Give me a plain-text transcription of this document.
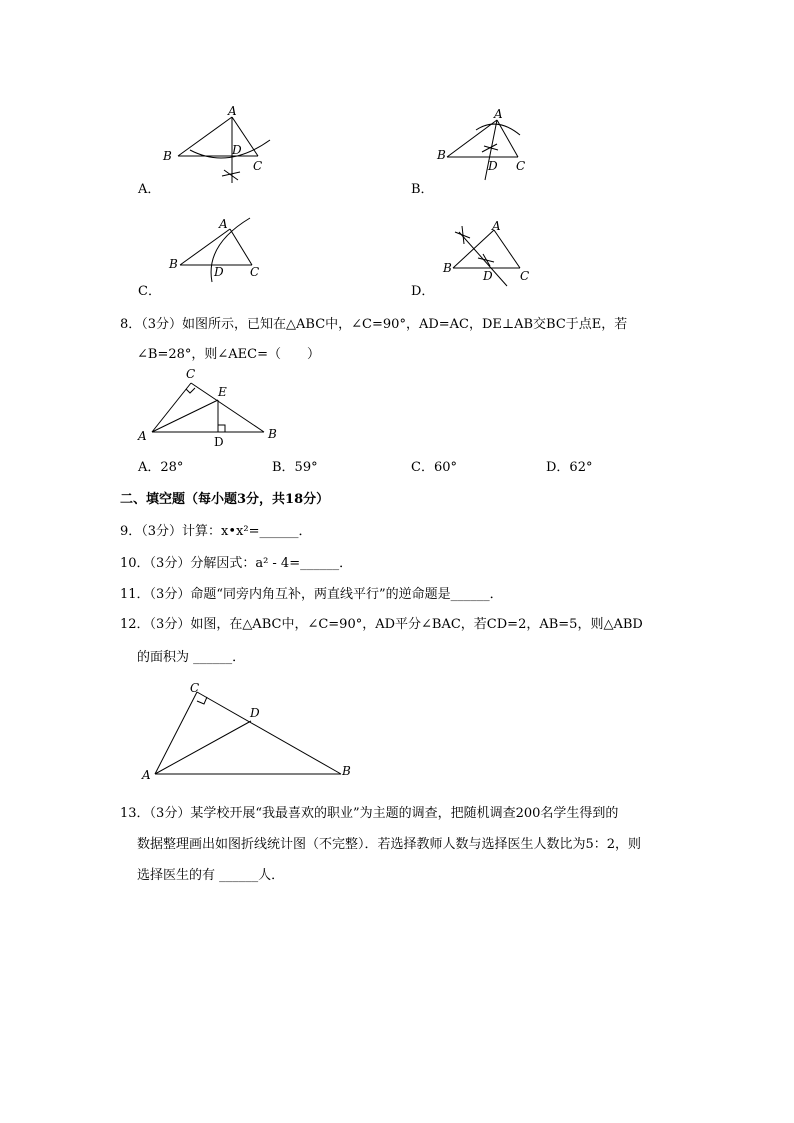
A
B	D
C
A
B
D C
A
B
D C
A
B
D C
C
E
A	D
B
C
D
A	B
A．	B．
C．	D．
8．（3分）如图所示，已知在△ABC中，∠C=90°，AD=AC，DE⊥AB交BC于点E，若
∠B=28°，则∠AEC=（　　）
A．28°	B．59°	C．60°	D．62°
二、填空题（每小题3分，共18分）
9．（3分）计算：x•x²=______．
10．（3分）分解因式：a² - 4=______．
11．（3分）命题“同旁内角互补，两直线平行”的逆命题是______．
12．（3分）如图，在△ABC中，∠C=90°，AD平分∠BAC，若CD=2，AB=5，则△ABD
的面积为 ______．
13．（3分）某学校开展“我最喜欢的职业”为主题的调查，把随机调查200名学生得到的
数据整理画出如图折线统计图（不完整）．若选择教师人数与选择医生人数比为5：2，则
选择医生的有 ______人．
